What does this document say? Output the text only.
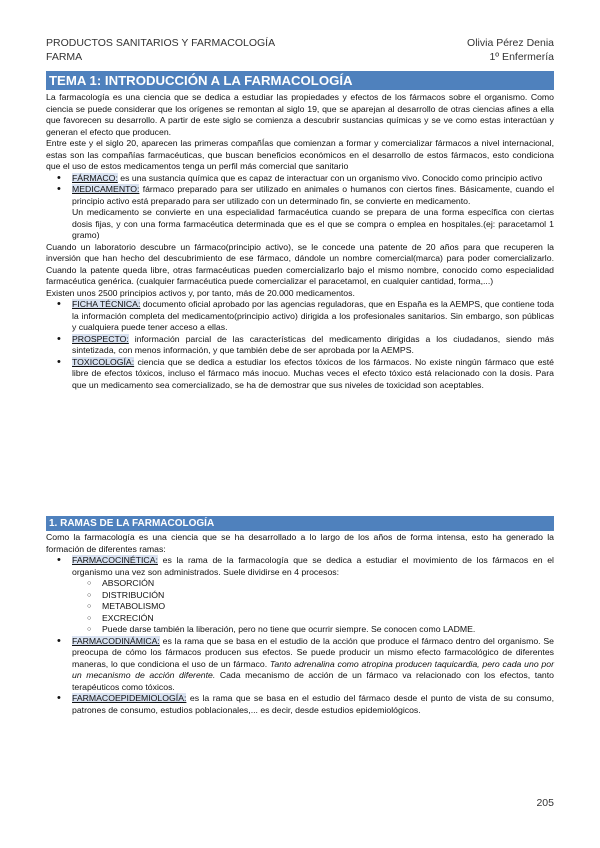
PRODUCTOS SANITARIOS Y FARMACOLOGÍA	Olivia Pérez Denia
FARMA	1º Enfermería
TEMA 1: INTRODUCCIÓN A LA FARMACOLOGÍA

La farmacología es una ciencia que se dedica a estudiar las propiedades y efectos de los fármacos sobre el organismo. Como ciencia se puede considerar que los orígenes se remontan al siglo 19, que se aparejan al desarrollo de otras ciencias afines a ella que favorecen su desarrollo. A partir de este siglo se comienza a descubrir sustancias químicas y se ve como estas interactúan y generan el efecto que producen.

Entre este y el siglo 20, aparecen las primeras compañÍas que comienzan a formar y comercializar fármacos a nivel internacional, estas son las compañías farmacéuticas, que buscan beneficios económicos en el desarrollo de estos fármacos, esto condiciona que el uso de estos medicamentos tenga un perfil más comercial que sanitario

• FÁRMACO: es una sustancia química que es capaz de interactuar con un organismo vivo. Conocido como principio activo
• MEDICAMENTO: fármaco preparado para ser utilizado en animales o humanos con ciertos fines. Básicamente, cuando el principio activo está preparado para ser utilizado con un determinado fin, se convierte en medicamento.

Un medicamento se convierte en una especialidad farmacéutica cuando se prepara de una forma específica con ciertas dosis fijas, y con una forma farmacéutica determinada que es el que se compra o emplea en hospitales.(ej: paracetamol 1 gramo)

Cuando un laboratorio descubre un fármaco(principio activo), se le concede una patente de 20 años para que recuperen la inversión que han hecho del descubrimiento de ese fármaco, dándole un nombre comercial(marca) para poder comercializarlo. Cuando la patente queda libre, otras farmacéuticas pueden comercializarlo bajo el mismo nombre, conocido como especialidad farmacéutica genérica. (cualquier farmacéutica puede comercializar el paracetamol, en cualquier cantidad, forma,...)

Existen unos 2500 principios activos y, por tanto, más de 20.000 medicamentos.

• FICHA TÉCNICA: documento oficial aprobado por las agencias reguladoras, que en España es la AEMPS, que contiene toda la información completa del medicamento(principio activo) dirigida a los profesionales sanitarios. Sin embargo, son públicas y cualquiera puede tener acceso a ellas.
• PROSPECTO: información parcial de las características del medicamento dirigidas a los ciudadanos, siendo más sintetizada, con menos información, y que también debe de ser aprobada por la AEMPS.
• TOXICOLOGÍA: ciencia que se dedica a estudiar los efectos tóxicos de los fármacos. No existe ningún fármaco que esté libre de efectos tóxicos, incluso el fármaco más inocuo. Muchas veces el efecto tóxico está relacionado con la dosis. Para que un medicamento sea comercializado, se ha de demostrar que sus niveles de toxicidad son aceptables.
1. RAMAS DE LA FARMACOLOGÍA

Como la farmacología es una ciencia que se ha desarrollado a lo largo de los años de forma intensa, esto ha generado la formación de diferentes ramas:

• FARMACOCINÉTICA: es la rama de la farmacología que se dedica a estudiar el movimiento de los fármacos en el organismo una vez son administrados. Suele dividirse en 4 procesos:
○ ABSORCIÓN
○ DISTRIBUCIÓN
○ METABOLISMO
○ EXCRECIÓN
○ Puede darse también la liberación, pero no tiene que ocurrir siempre. Se conocen como LADME.
• FARMACODINÁMICA: es la rama que se basa en el estudio de la acción que produce el fármaco dentro del organismo. Se preocupa de cómo los fármacos producen sus efectos. Se puede producir un mismo efecto farmacológico de diferentes maneras, lo que condiciona el uso de un fármaco. Tanto adrenalina como atropina producen taquicardia, pero cada uno por un mecanismo de acción diferente. Cada mecanismo de acción de un fármaco va relacionado con los efectos, tanto terapéuticos como tóxicos.
• FARMACOEPIDEMIOLOGÍA: es la rama que se basa en el estudio del fármaco desde el punto de vista de su consumo, patrones de consumo, estudios poblacionales,... es decir, desde estudios epidemiológicos.
205
